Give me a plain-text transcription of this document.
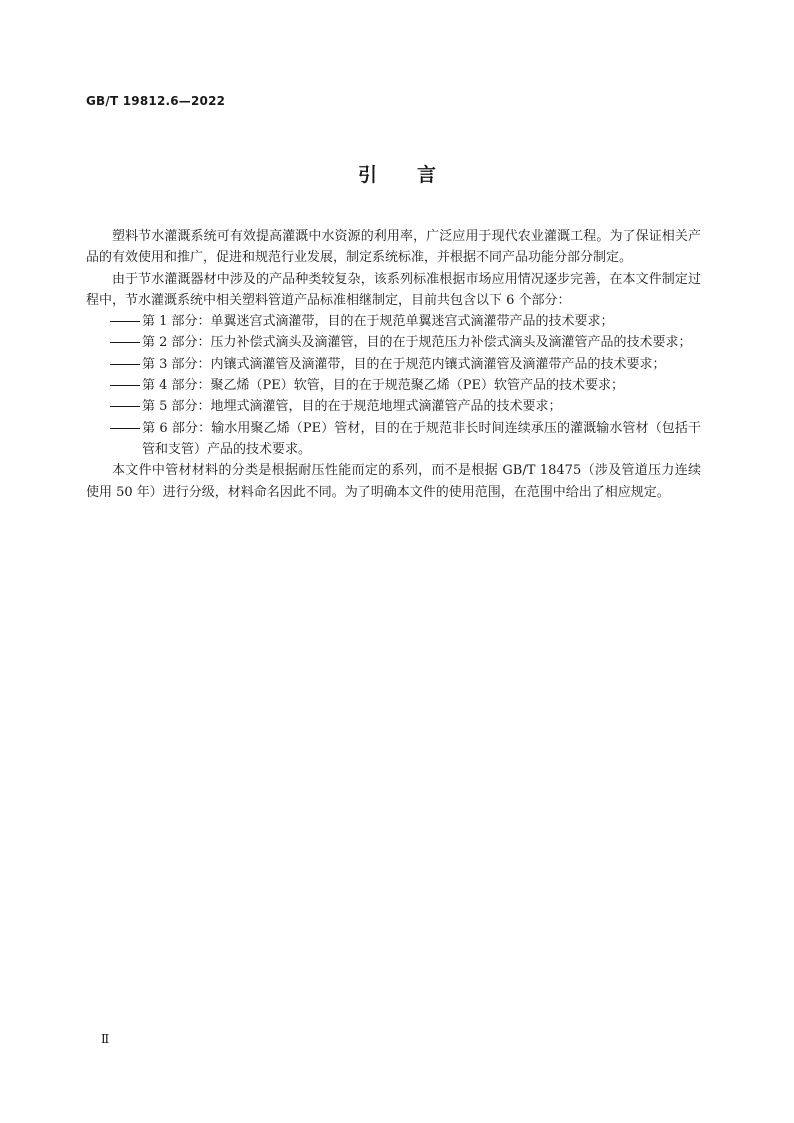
GB/T 19812.6—2022
引言

塑料节水灌溉系统可有效提高灌溉中水资源的利用率，广泛应用于现代农业灌溉工程。为了保证相关产品的有效使用和推广，促进和规范行业发展，制定系统标准，并根据不同产品功能分部分制定。

由于节水灌溉器材中涉及的产品种类较复杂，该系列标准根据市场应用情况逐步完善，在本文件制定过程中，节水灌溉系统中相关塑料管道产品标准相继制定，目前共包含以下 6 个部分：

第 1 部分：单翼迷宫式滴灌带，目的在于规范单翼迷宫式滴灌带产品的技术要求；

第 2 部分：压力补偿式滴头及滴灌管，目的在于规范压力补偿式滴头及滴灌管产品的技术要求；

第 3 部分：内镶式滴灌管及滴灌带，目的在于规范内镶式滴灌管及滴灌带产品的技术要求；

第 4 部分：聚乙烯（PE）软管，目的在于规范聚乙烯（PE）软管产品的技术要求；

第 5 部分：地埋式滴灌管，目的在于规范地埋式滴灌管产品的技术要求；

第 6 部分：输水用聚乙烯（PE）管材，目的在于规范非长时间连续承压的灌溉输水管材（包括干管和支管）产品的技术要求。

本文件中管材材料的分类是根据耐压性能而定的系列，而不是根据 GB/T 18475（涉及管道压力连续使用 50 年）进行分级，材料命名因此不同。为了明确本文件的使用范围，在范围中给出了相应规定。

Ⅱ
